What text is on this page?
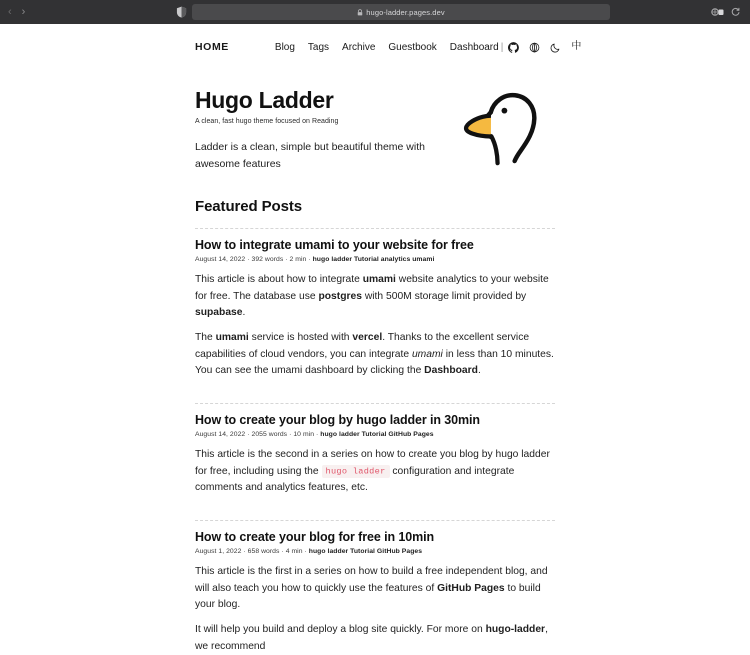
‹ ›	hugo-ladder.pages.dev
HOME	Blog Tags Archive Guestbook Dashboard |	中
Hugo Ladder
A clean, fast hugo theme focused on Reading

Ladder is a clean, simple but beautiful theme with awesome features

Featured Posts
How to integrate umami to your website for free
August 14, 2022 · 392 words · 2 min · hugo ladder Tutorial analytics umami

This article is about how to integrate umami website analytics to your website for free. The database use postgres with 500M storage limit provided by supabase.

The umami service is hosted with vercel. Thanks to the excellent service capabilities of cloud vendors, you can integrate umami in less than 10 minutes. You can see the umami dashboard by clicking the Dashboard.

How to create your blog by hugo ladder in 30min
August 14, 2022 · 2055 words · 10 min · hugo ladder Tutorial GitHub Pages

This article is the second in a series on how to create you blog by hugo ladder for free, including using the hugo ladder configuration and integrate comments and analytics features, etc.

How to create your blog for free in 10min
August 1, 2022 · 658 words · 4 min · hugo ladder Tutorial GitHub Pages

This article is the first in a series on how to build a free independent blog, and will also teach you how to quickly use the features of GitHub Pages to build your blog.

It will help you build and deploy a blog site quickly. For more on hugo-ladder, we recommend
